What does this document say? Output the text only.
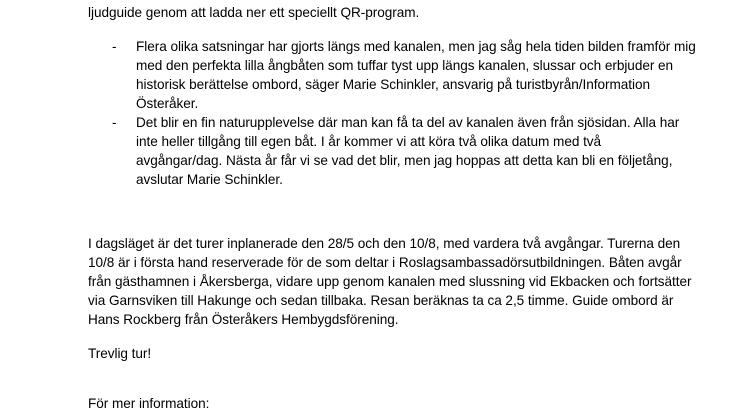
ljudguide genom att ladda ner ett speciellt QR-program.
- Flera olika satsningar har gjorts längs med kanalen, men jag såg hela tiden bilden framför mig
med den perfekta lilla ångbåten som tuffar tyst upp längs kanalen, slussar och erbjuder en
historisk berättelse ombord, säger Marie Schinkler, ansvarig på turistbyrån/Information
Österåker.
- Det blir en fin naturupplevelse där man kan få ta del av kanalen även från sjösidan. Alla har
inte heller tillgång till egen båt. I år kommer vi att köra två olika datum med två
avgångar/dag. Nästa år får vi se vad det blir, men jag hoppas att detta kan bli en följetång,
avslutar Marie Schinkler.
I dagsläget är det turer inplanerade den 28/5 och den 10/8, med vardera två avgångar. Turerna den
10/8 är i första hand reserverade för de som deltar i Roslagsambassadörsutbildningen. Båten avgår
från gästhamnen i Åkersberga, vidare upp genom kanalen med slussning vid Ekbacken och fortsätter
via Garnsviken till Hakunge och sedan tillbaka. Resan beräknas ta ca 2,5 timme. Guide ombord är
Hans Rockberg från Österåkers Hembygdsförening.
Trevlig tur!
För mer information:
